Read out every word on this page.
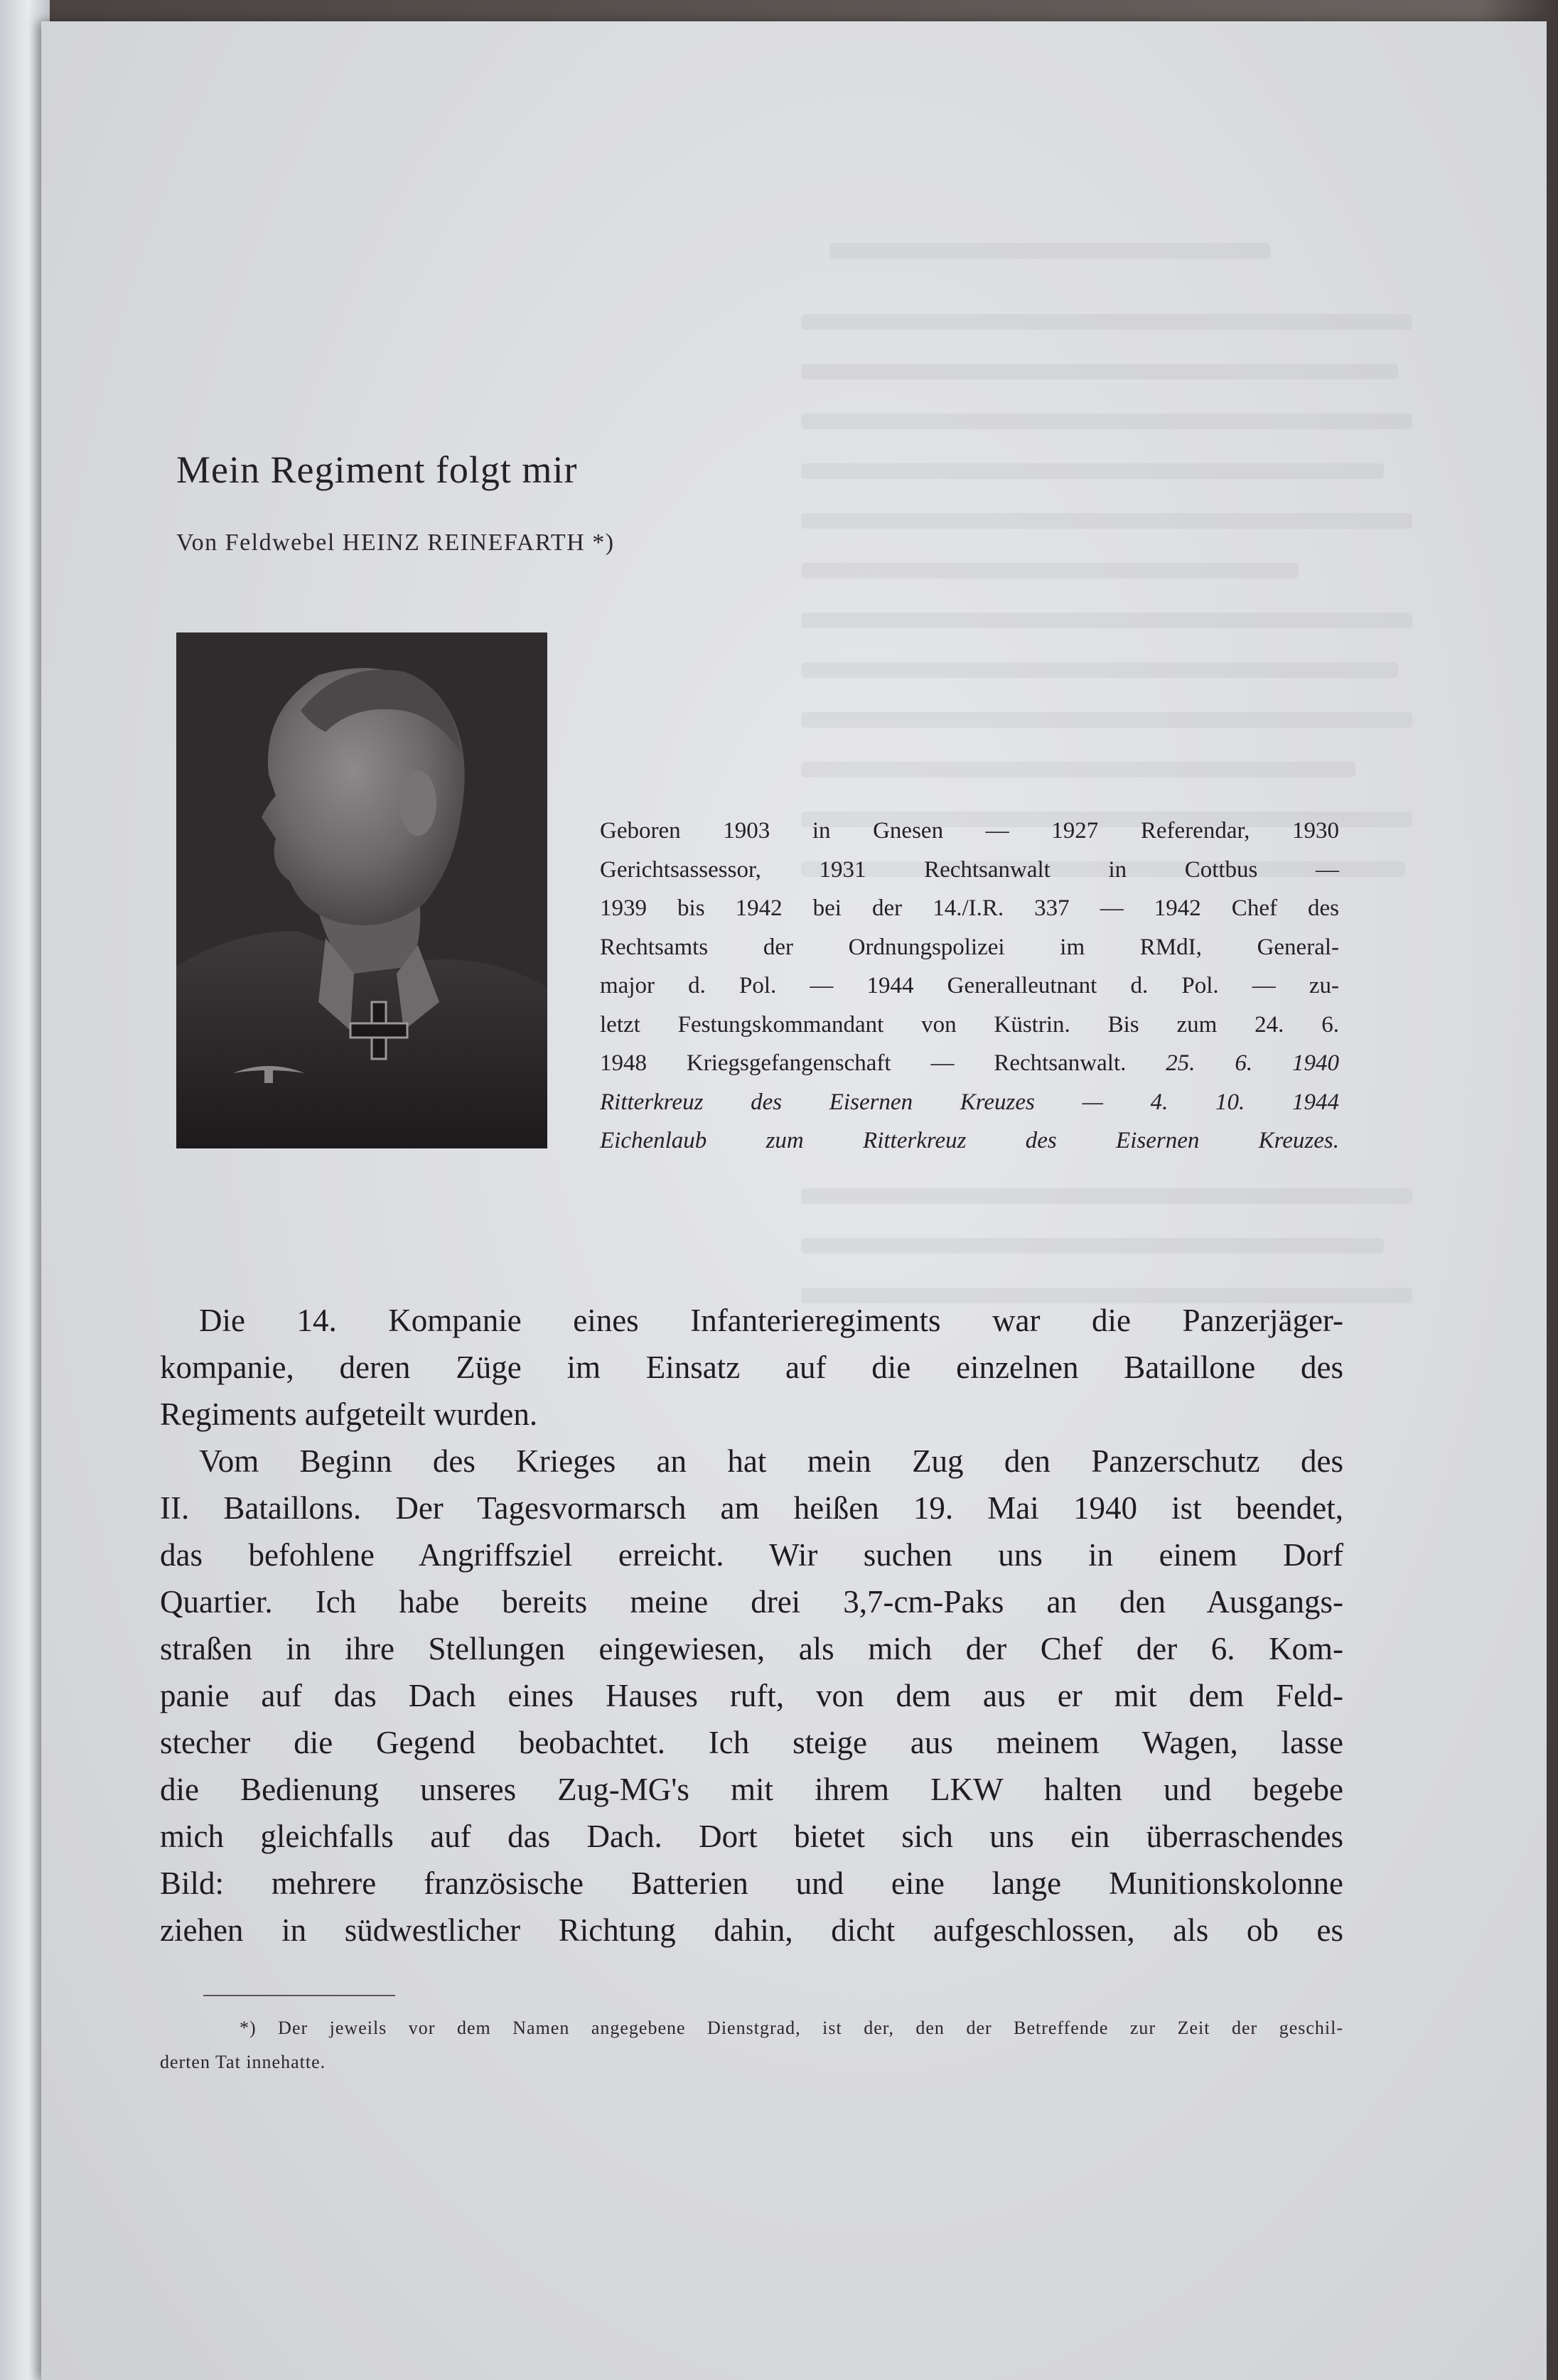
Mein Regiment folgt mir
Von Feldwebel HEINZ REINEFARTH *)
Geboren 1903 in Gnesen — 1927 Referendar, 1930
Gerichtsassessor, 1931 Rechtsanwalt in Cottbus —
1939 bis 1942 bei der 14./I.R. 337 — 1942 Chef des
Rechtsamts der Ordnungspolizei im RMdI, General-
major d. Pol. — 1944 Generalleutnant d. Pol. — zu-
letzt Festungskommandant von Küstrin. Bis zum 24. 6.
1948 Kriegsgefangenschaft — Rechtsanwalt. 25. 6. 1940
Ritterkreuz des Eisernen Kreuzes — 4. 10. 1944
Eichenlaub zum Ritterkreuz des Eisernen Kreuzes.

Die 14. Kompanie eines Infanterieregiments war die Panzerjäger-
kompanie, deren Züge im Einsatz auf die einzelnen Bataillone des
Regiments aufgeteilt wurden.

Vom Beginn des Krieges an hat mein Zug den Panzerschutz des
II. Bataillons. Der Tagesvormarsch am heißen 19. Mai 1940 ist beendet,
das befohlene Angriffsziel erreicht. Wir suchen uns in einem Dorf
Quartier. Ich habe bereits meine drei 3,7-cm-Paks an den Ausgangs-
straßen in ihre Stellungen eingewiesen, als mich der Chef der 6. Kom-
panie auf das Dach eines Hauses ruft, von dem aus er mit dem Feld-
stecher die Gegend beobachtet. Ich steige aus meinem Wagen, lasse
die Bedienung unseres Zug-MG's mit ihrem LKW halten und begebe
mich gleichfalls auf das Dach. Dort bietet sich uns ein überraschendes
Bild: mehrere französische Batterien und eine lange Munitionskolonne
ziehen in südwestlicher Richtung dahin, dicht aufgeschlossen, als ob es

*) Der jeweils vor dem Namen angegebene Dienstgrad, ist der, den der Betreffende zur Zeit der geschil-
derten Tat innehatte.
